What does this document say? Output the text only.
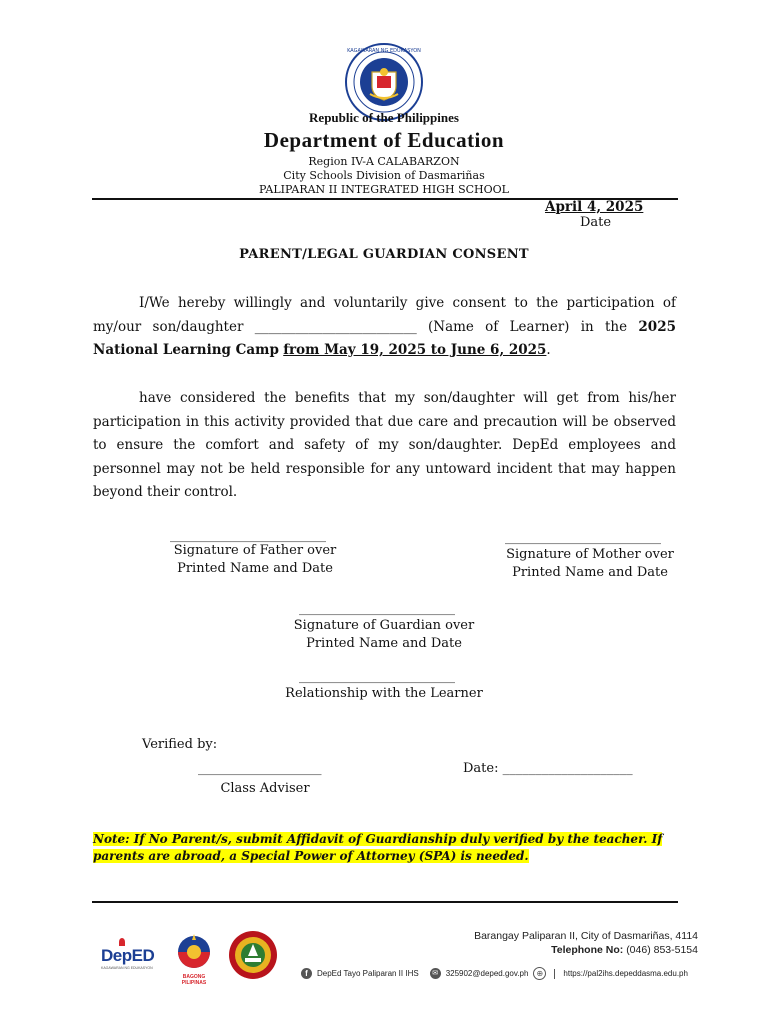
KAGAWARAN NG EDUKASYON
Republic of the Philippines
Department of Education
Region IV-A CALABARZON
City Schools Division of Dasmariñas
PALIPARAN II INTEGRATED HIGH SCHOOL
April 4, 2025
Date
PARENT/LEGAL GUARDIAN CONSENT
I/We hereby willingly and voluntarily give consent to the participation of my/our son/daughter ________________________ (Name of Learner) in the 2025 National Learning Camp from May 19, 2025 to June 6, 2025.
have considered the benefits that my son/daughter will get from his/her participation in this activity provided that due care and precaution will be observed to ensure the comfort and safety of my son/daughter. DepEd employees and personnel may not be held responsible for any untoward incident that may happen beyond their control.
________________________
Signature of Father over
Printed Name and Date
________________________
Signature of Mother over
Printed Name and Date
________________________
Signature of Guardian over
Printed Name and Date
________________________
Relationship with the Learner
Verified by:
___________________
Class Adviser
Date: ____________________
Note: If No Parent/s, submit Affidavit of Guardianship duly verified by the teacher. If parents are abroad, a Special Power of Attorney (SPA) is needed.
DepED
KAGAWARAN NG EDUKASYON
BAGONG PILIPINAS
Barangay Paliparan II, City of Dasmariñas, 4114
Telephone No: (046) 853-5154
f	DepEd Tayo Paliparan II IHS	✉ 325902@deped.gov.ph	⊕	https://pal2ihs.depeddasma.edu.ph
